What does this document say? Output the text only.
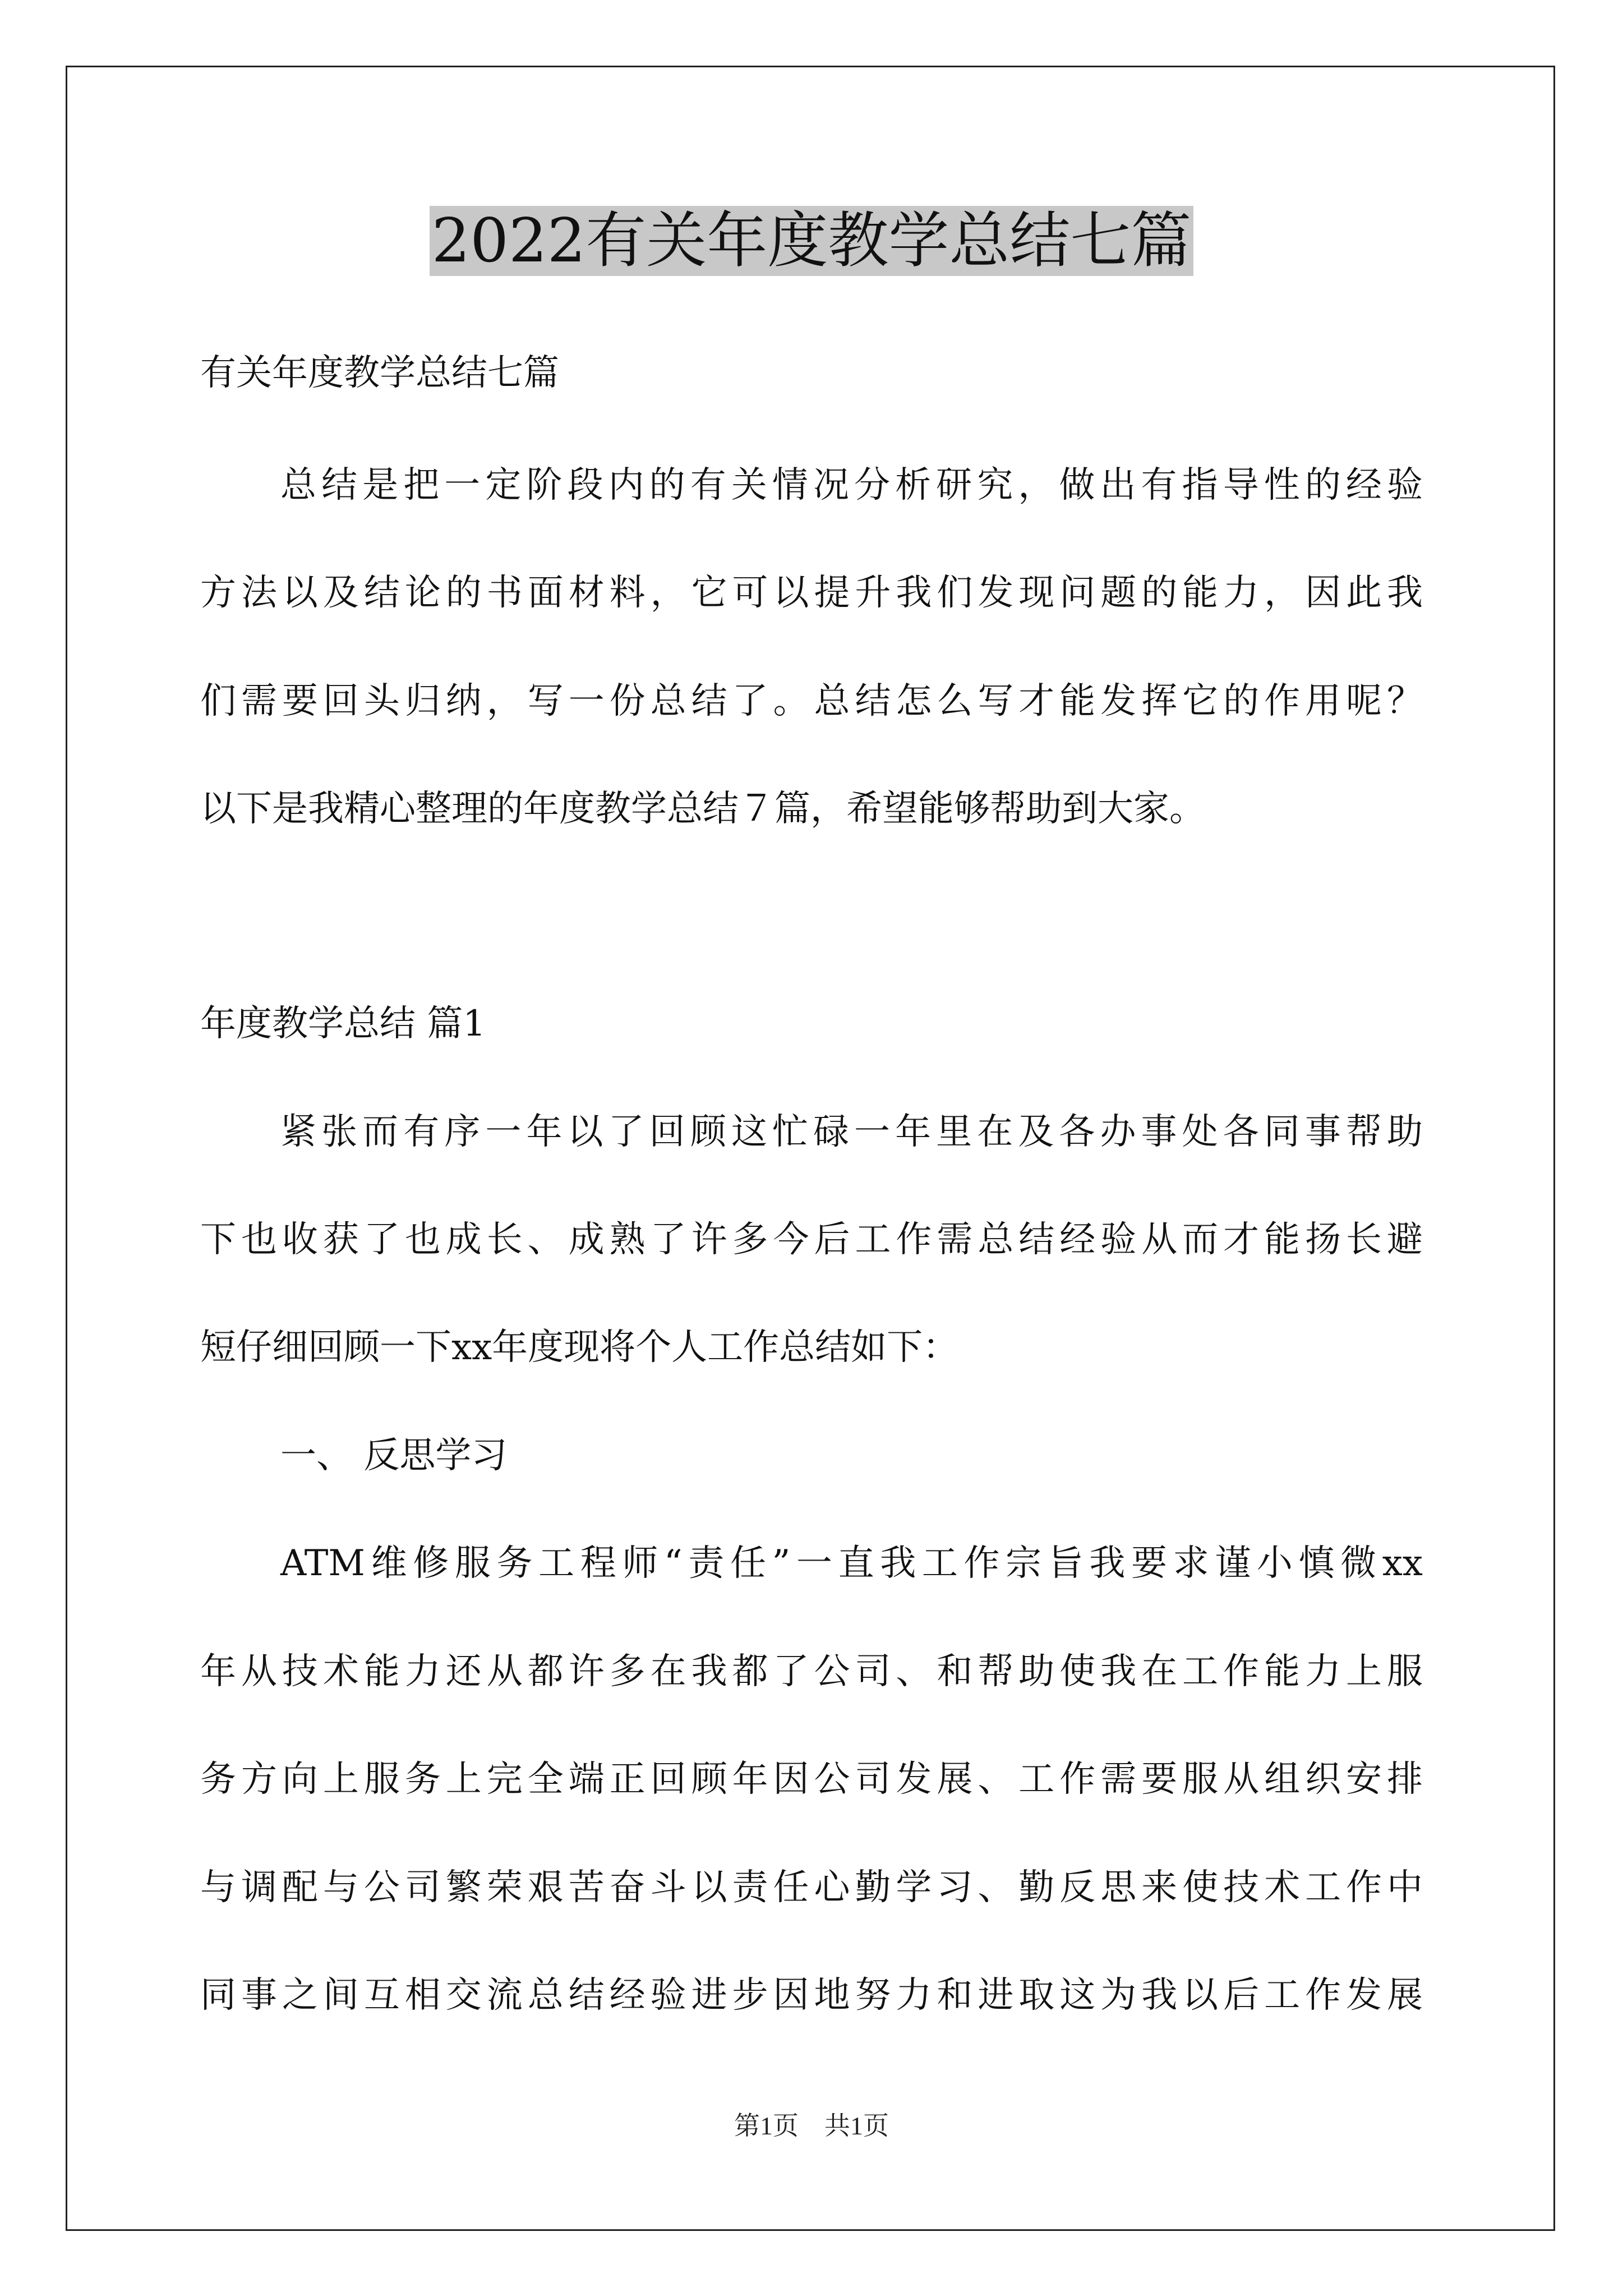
2022有关年度教学总结七篇
有关年度教学总结七篇
总结是把一定阶段内的有关情况分析研究，做出有指导性的经验
方法以及结论的书面材料，它可以提升我们发现问题的能力，因此我
们需要回头归纳，写一份总结了。总结怎么写才能发挥它的作用呢？
以下是我精心整理的年度教学总结７篇，希望能够帮助到大家。
年度教学总结 篇1
紧张而有序一年以了回顾这忙碌一年里在及各办事处各同事帮助
下也收获了也成长、成熟了许多今后工作需总结经验从而才能扬长避
短仔细回顾一下xx年度现将个人工作总结如下：
一、 反思学习
ATM维修服务工程师“责任”一直我工作宗旨我要求谨小慎微xx
年从技术能力还从都许多在我都了公司、和帮助使我在工作能力上服
务方向上服务上完全端正回顾年因公司发展、工作需要服从组织安排
与调配与公司繁荣艰苦奋斗以责任心勤学习、勤反思来使技术工作中
同事之间互相交流总结经验进步因地努力和进取这为我以后工作发展
第1页　共1页
